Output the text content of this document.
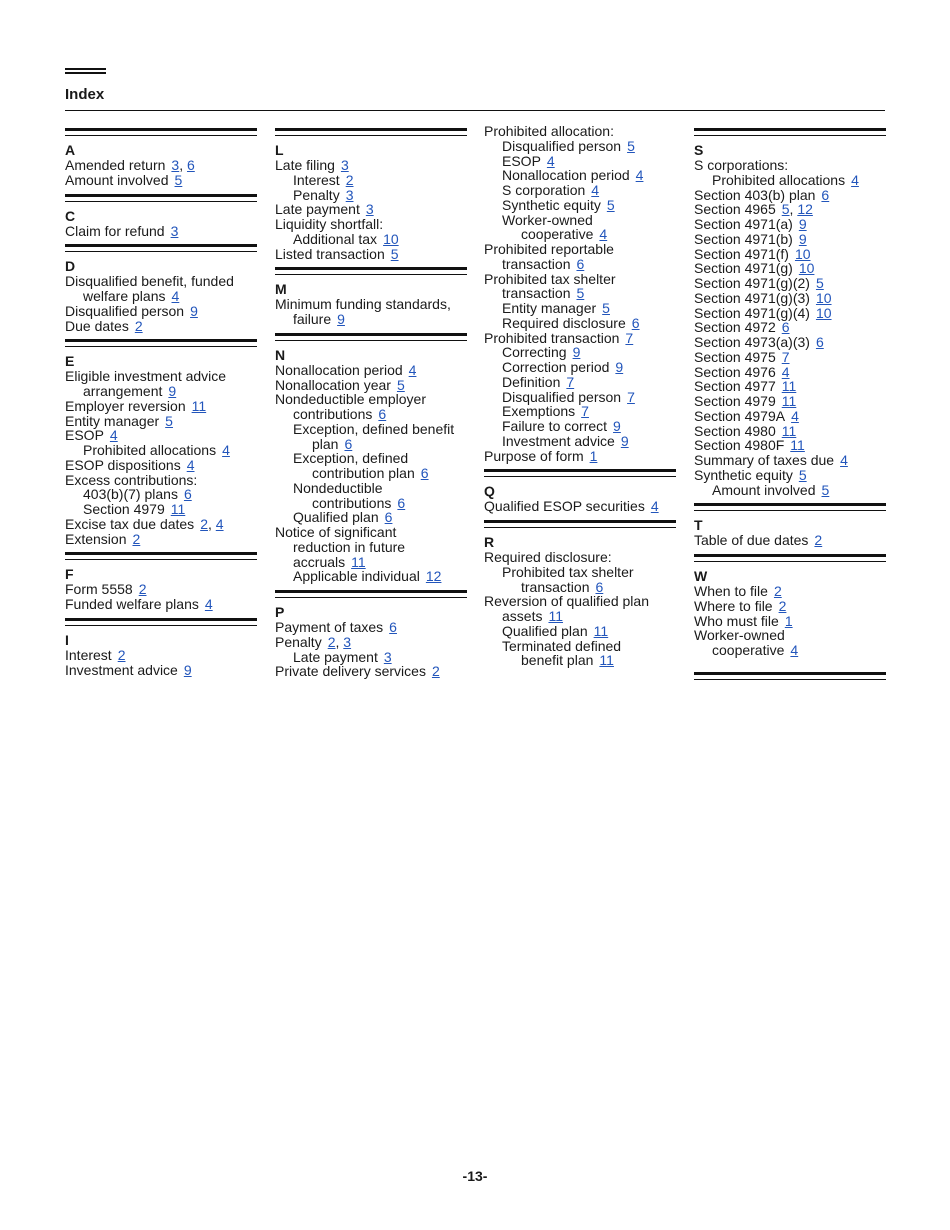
Index
A
Amended return 3, 6
Amount involved 5
C
Claim for refund 3
D
Disqualified benefit, funded
welfare plans 4
Disqualified person 9
Due dates 2
E
Eligible investment advice
arrangement 9
Employer reversion 11
Entity manager 5
ESOP 4
Prohibited allocations 4
ESOP dispositions 4
Excess contributions:
403(b)(7) plans 6
Section 4979 11
Excise tax due dates 2, 4
Extension 2
F
Form 5558 2
Funded welfare plans 4
I
Interest 2
Investment advice 9
L
Late filing 3
Interest 2
Penalty 3
Late payment 3
Liquidity shortfall:
Additional tax 10
Listed transaction 5
M
Minimum funding standards,
failure 9
N
Nonallocation period 4
Nonallocation year 5
Nondeductible employer
contributions 6
Exception, defined benefit
plan 6
Exception, defined
contribution plan 6
Nondeductible
contributions 6
Qualified plan 6
Notice of significant
reduction in future
accruals 11
Applicable individual 12
P
Payment of taxes 6
Penalty 2, 3
Late payment 3
Private delivery services 2
Prohibited allocation:
Disqualified person 5
ESOP 4
Nonallocation period 4
S corporation 4
Synthetic equity 5
Worker-owned
cooperative 4
Prohibited reportable
transaction 6
Prohibited tax shelter
transaction 5
Entity manager 5
Required disclosure 6
Prohibited transaction 7
Correcting 9
Correction period 9
Definition 7
Disqualified person 7
Exemptions 7
Failure to correct 9
Investment advice 9
Purpose of form 1
Q
Qualified ESOP securities 4
R
Required disclosure:
Prohibited tax shelter
transaction 6
Reversion of qualified plan
assets 11
Qualified plan 11
Terminated defined
benefit plan 11
S
S corporations:
Prohibited allocations 4
Section 403(b) plan 6
Section 4965 5, 12
Section 4971(a) 9
Section 4971(b) 9
Section 4971(f) 10
Section 4971(g) 10
Section 4971(g)(2) 5
Section 4971(g)(3) 10
Section 4971(g)(4) 10
Section 4972 6
Section 4973(a)(3) 6
Section 4975 7
Section 4976 4
Section 4977 11
Section 4979 11
Section 4979A 4
Section 4980 11
Section 4980F 11
Summary of taxes due 4
Synthetic equity 5
Amount involved 5
T
Table of due dates 2
W
When to file 2
Where to file 2
Who must file 1
Worker-owned
cooperative 4
-13-
